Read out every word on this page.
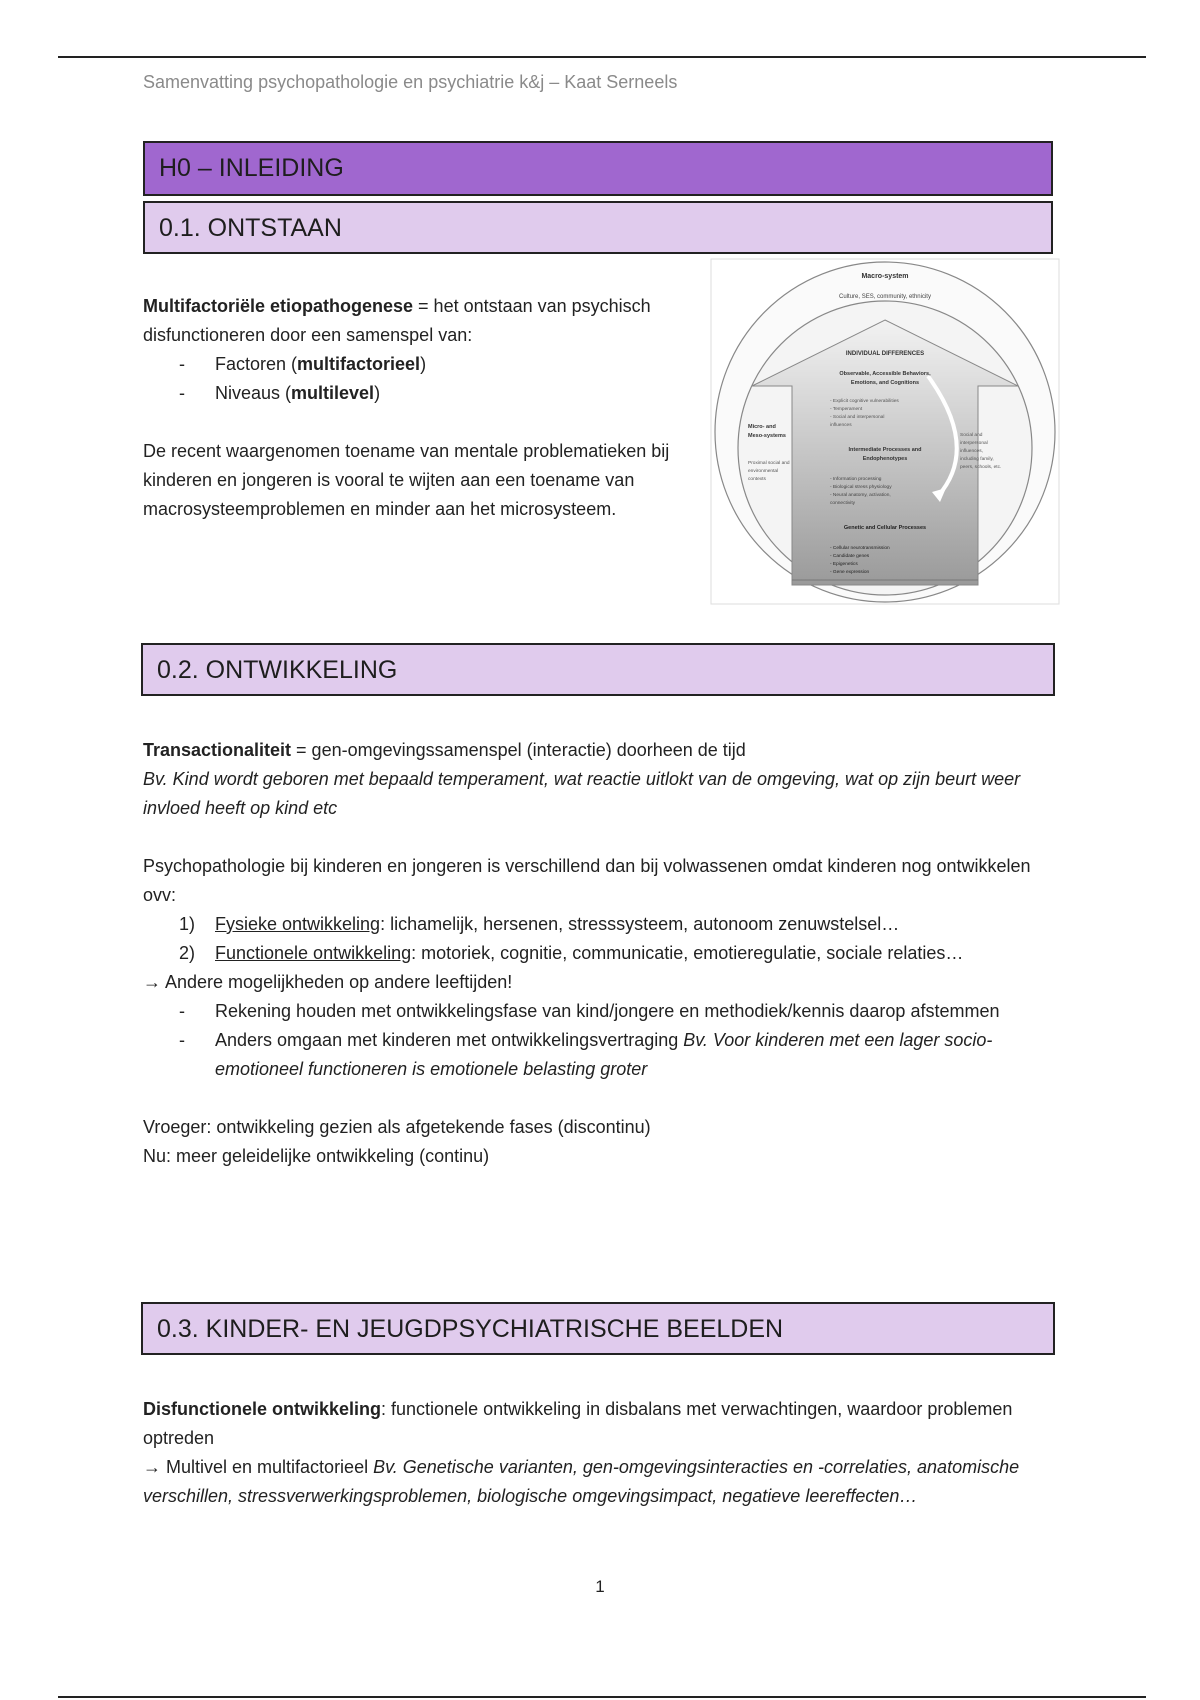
Samenvatting psychopathologie en psychiatrie k&j – Kaat Serneels
H0 – INLEIDING
0.1. ONTSTAAN

Multifactoriële etiopathogenese = het ontstaan van psychisch disfunctioneren door een samenspel van:

-	Factoren (multifactorieel)
-	Niveaus (multilevel)

De recent waargenomen toename van mentale problematieken bij kinderen en jongeren is vooral te wijten aan een toename van macrosysteemproblemen en minder aan het microsysteem.

Macro-system
Culture, SES, community, ethnicity
INDIVIDUAL DIFFERENCES
Observable, Accessible Behaviors,
Emotions, and Cognitions
- Explicit cognitive vulnerabilities
- Temperament
- Social and interpersonal
influences
Intermediate Processes and
Endophenotypes
- Information processing
- Biological stress physiology
- Neural anatomy, activation,
connectivity
Genetic and Cellular Processes
- Cellular neurotransmission
- Candidate genes
- Epigenetics
- Gene expression
Micro- and
Meso-systems
Proximal social and
environmental
contexts
Social and
interpersonal
influences,
including family,
peers, schools, etc.
0.2. ONTWIKKELING

Transactionaliteit = gen-omgevingssamenspel (interactie) doorheen de tijd

Bv. Kind wordt geboren met bepaald temperament, wat reactie uitlokt van de omgeving, wat op zijn beurt weer invloed heeft op kind etc

Psychopathologie bij kinderen en jongeren is verschillend dan bij volwassenen omdat kinderen nog ontwikkelen ovv:

1)	Fysieke ontwikkeling: lichamelijk, hersenen, stresssysteem, autonoom zenuwstelsel…
2)	Functionele ontwikkeling: motoriek, cognitie, communicatie, emotieregulatie, sociale relaties…

→ Andere mogelijkheden op andere leeftijden!

-	Rekening houden met ontwikkelingsfase van kind/jongere en methodiek/kennis daarop afstemmen
-	Anders omgaan met kinderen met ontwikkelingsvertraging Bv. Voor kinderen met een lager socio-emotioneel functioneren is emotionele belasting groter

Vroeger: ontwikkeling gezien als afgetekende fases (discontinu)

Nu: meer geleidelijke ontwikkeling (continu)

0.3. KINDER- EN JEUGDPSYCHIATRISCHE BEELDEN

Disfunctionele ontwikkeling: functionele ontwikkeling in disbalans met verwachtingen, waardoor problemen optreden

→ Multivel en multifactorieel Bv. Genetische varianten, gen-omgevingsinteracties en -correlaties, anatomische verschillen, stressverwerkingsproblemen, biologische omgevingsimpact, negatieve leereffecten…

1
